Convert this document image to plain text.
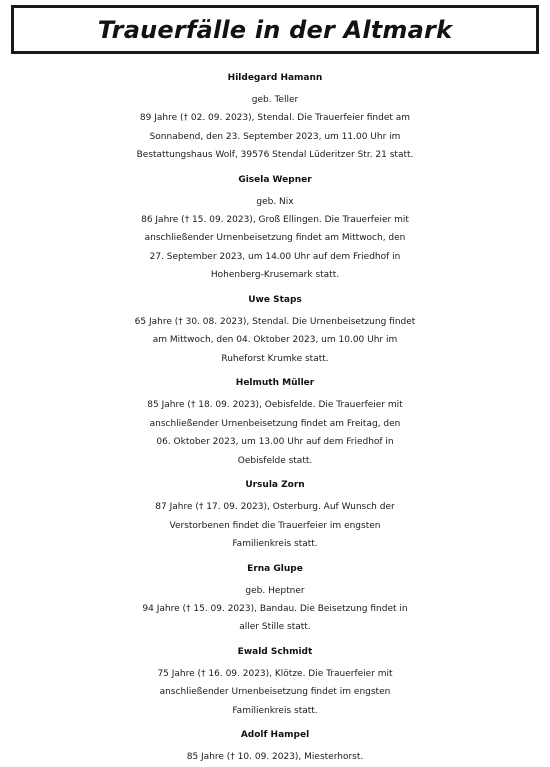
Trauerfälle in der Altmark
Hildegard Hamann
geb. Teller
89 Jahre († 02. 09. 2023), Stendal. Die Trauerfeier findet am
Sonnabend, den 23. September 2023, um 11.00 Uhr im
Bestattungshaus Wolf, 39576 Stendal Lüderitzer Str. 21 statt.
Gisela Wepner
geb. Nix
86 Jahre († 15. 09. 2023), Groß Ellingen. Die Trauerfeier mit
anschließender Urnenbeisetzung findet am Mittwoch, den
27. September 2023, um 14.00 Uhr auf dem Friedhof in
Hohenberg-Krusemark statt.
Uwe Staps
65 Jahre († 30. 08. 2023), Stendal. Die Urnenbeisetzung findet
am Mittwoch, den 04. Oktober 2023, um 10.00 Uhr im
Ruheforst Krumke statt.
Helmuth Müller
85 Jahre († 18. 09. 2023), Oebisfelde. Die Trauerfeier mit
anschließender Urnenbeisetzung findet am Freitag, den
06. Oktober 2023, um 13.00 Uhr auf dem Friedhof in
Oebisfelde statt.
Ursula Zorn
87 Jahre († 17. 09. 2023), Osterburg. Auf Wunsch der
Verstorbenen findet die Trauerfeier im engsten
Familienkreis statt.
Erna Glupe
geb. Heptner
94 Jahre († 15. 09. 2023), Bandau. Die Beisetzung findet in
aller Stille statt.
Ewald Schmidt
75 Jahre († 16. 09. 2023), Klötze. Die Trauerfeier mit
anschließender Urnenbeisetzung findet im engsten
Familienkreis statt.
Adolf Hampel
85 Jahre († 10. 09. 2023), Miesterhorst.
